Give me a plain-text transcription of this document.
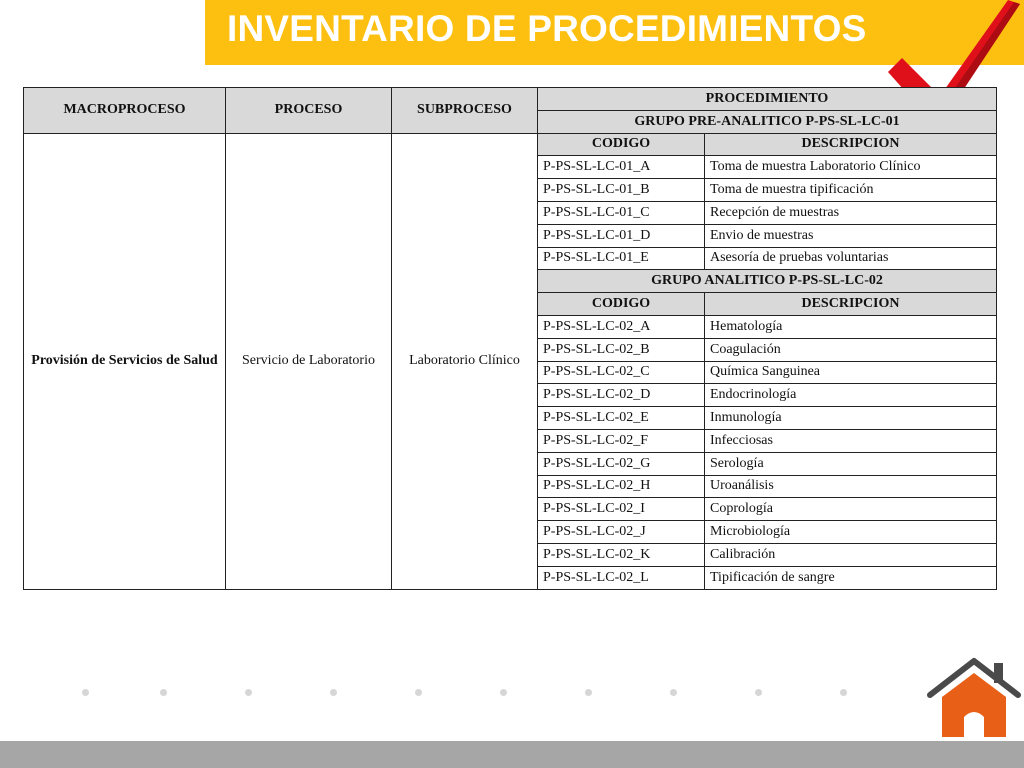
INVENTARIO DE PROCEDIMIENTOS
MACROPROCESO	PROCESO	SUBPROCESO	PROCEDIMIENTO	
			GRUPO PRE-ANALITICO P-PS-SL-LC-01	
Provisión de Servicios de Salud	Servicio de Laboratorio	Laboratorio Clínico	CODIGO	DESCRIPCION
			P-PS-SL-LC-01_A	Toma de muestra Laboratorio Clínico
			P-PS-SL-LC-01_B	Toma de muestra tipificación
			P-PS-SL-LC-01_C	Recepción de muestras
			P-PS-SL-LC-01_D	Envio de muestras
			P-PS-SL-LC-01_E	Asesoría de pruebas voluntarias
			GRUPO ANALITICO P-PS-SL-LC-02	
			CODIGO	DESCRIPCION
			P-PS-SL-LC-02_A	Hematología
			P-PS-SL-LC-02_B	Coagulación
			P-PS-SL-LC-02_C	Química Sanguinea
			P-PS-SL-LC-02_D	Endocrinología
			P-PS-SL-LC-02_E	Inmunología
			P-PS-SL-LC-02_F	Infecciosas
			P-PS-SL-LC-02_G	Serología
			P-PS-SL-LC-02_H	Uroanálisis
			P-PS-SL-LC-02_I	Coprología
			P-PS-SL-LC-02_J	Microbiología
			P-PS-SL-LC-02_K	Calibración
			P-PS-SL-LC-02_L	Tipificación de sangre
